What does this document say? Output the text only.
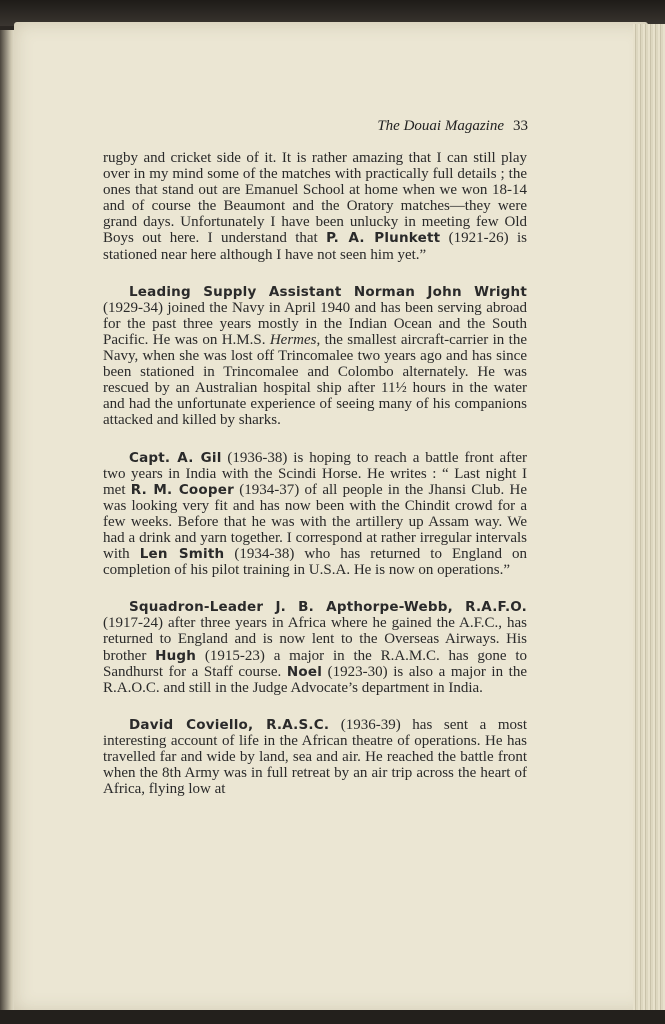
The Douai Magazine 33

rugby and cricket side of it. It is rather amazing that I can still play over in my mind some of the matches with practically full details ; the ones that stand out are Emanuel School at home when we won 18-14 and of course the Beaumont and the Oratory matches—they were grand days. Unfortunately I have been unlucky in meeting few Old Boys out here. I understand that P. A. Plunkett (1921-26) is stationed near here although I have not seen him yet.”

Leading Supply Assistant Norman John Wright (1929-34) joined the Navy in April 1940 and has been serving abroad for the past three years mostly in the Indian Ocean and the South Pacific. He was on H.M.S. Hermes, the smallest aircraft-carrier in the Navy, when she was lost off Trincomalee two years ago and has since been stationed in Trincomalee and Colombo alternately. He was rescued by an Australian hospital ship after 11½ hours in the water and had the unfortunate experience of seeing many of his companions attacked and killed by sharks.

Capt. A. Gil (1936-38) is hoping to reach a battle front after two years in India with the Scindi Horse. He writes : “ Last night I met R. M. Cooper (1934-37) of all people in the Jhansi Club. He was looking very fit and has now been with the Chindit crowd for a few weeks. Before that he was with the artillery up Assam way. We had a drink and yarn together. I correspond at rather irregular intervals with Len Smith (1934-38) who has returned to England on completion of his pilot training in U.S.A. He is now on operations.”

Squadron-Leader J. B. Apthorpe-Webb, R.A.F.O. (1917-24) after three years in Africa where he gained the A.F.C., has returned to England and is now lent to the Overseas Airways. His brother Hugh (1915-23) a major in the R.A.M.C. has gone to Sandhurst for a Staff course. Noel (1923-30) is also a major in the R.A.O.C. and still in the Judge Advocate’s department in India.

David Coviello, R.A.S.C. (1936-39) has sent a most interesting account of life in the African theatre of operations. He has travelled far and wide by land, sea and air. He reached the battle front when the 8th Army was in full retreat by an air trip across the heart of Africa, flying low at
